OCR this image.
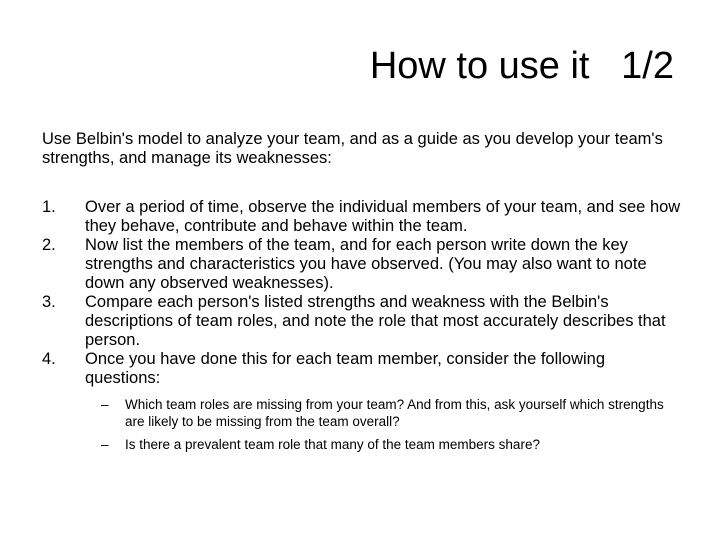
How to use it   1/2
Use Belbin's model to analyze your team, and as a guide as you develop your team's strengths, and manage its weaknesses:
1.	Over a period of time, observe the individual members of your team, and see how they behave, contribute and behave within the team.
2.	Now list the members of the team, and for each person write down the key strengths and characteristics you have observed. (You may also want to note down any observed weaknesses).
3.	Compare each person's listed strengths and weakness with the Belbin's descriptions of team roles, and note the role that most accurately describes that person.
4.	Once you have done this for each team member, consider the following questions:
–	Which team roles are missing from your team? And from this, ask yourself which strengths are likely to be missing from the team overall?
–	Is there a prevalent team role that many of the team members share?
